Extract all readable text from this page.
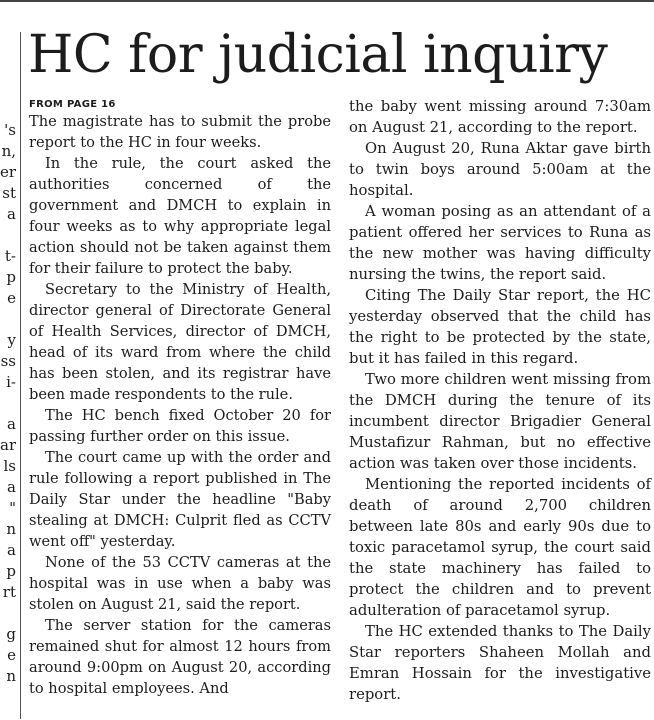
's
n,
er
st
a
t-
p
e
y
ss
i-
a
ar
ls
a
"
n
a
p
rt
g
e
n
HC for judicial inquiry
FROM PAGE 16

The magistrate has to submit the probe report to the HC in four weeks.

In the rule, the court asked the authorities concerned of the government and DMCH to explain in four weeks as to why appropriate legal action should not be taken against them for their failure to protect the baby.

Secretary to the Ministry of Health, director general of Directorate General of Health Services, director of DMCH, head of its ward from where the child has been stolen, and its registrar have been made respondents to the rule.

The HC bench fixed October 20 for passing further order on this issue.

The court came up with the order and rule following a report published in The Daily Star under the headline "Baby stealing at DMCH: Culprit fled as CCTV went off" yesterday.

None of the 53 CCTV cameras at the hospital was in use when a baby was stolen on August 21, said the report.

The server station for the cameras remained shut for almost 12 hours from around 9:00pm on August 20, according to hospital employees. And

the baby went missing around 7:30am on August 21, according to the report.

On August 20, Runa Aktar gave birth to twin boys around 5:00am at the hospital.

A woman posing as an attendant of a patient offered her services to Runa as the new mother was having difficulty nursing the twins, the report said.

Citing The Daily Star report, the HC yesterday observed that the child has the right to be protected by the state, but it has failed in this regard.

Two more children went missing from the DMCH during the tenure of its incumbent director Brigadier General Mustafizur Rahman, but no effective action was taken over those incidents.

Mentioning the reported incidents of death of around 2,700 children between late 80s and early 90s due to toxic paracetamol syrup, the court said the state machinery has failed to protect the children and to prevent adulteration of paracetamol syrup.

The HC extended thanks to The Daily Star reporters Shaheen Mollah and Emran Hossain for the investigative report.
